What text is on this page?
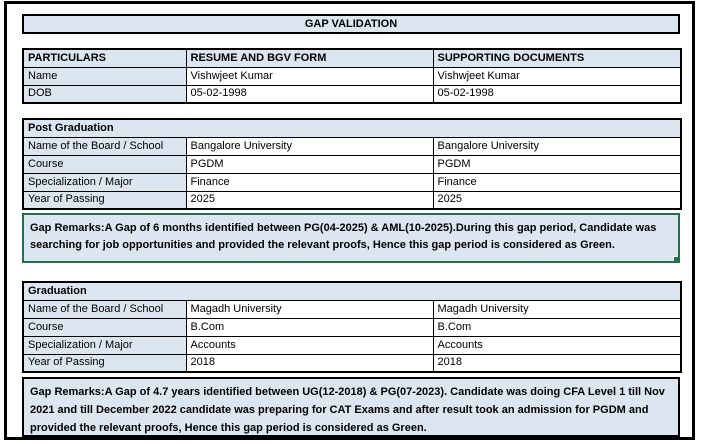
GAP VALIDATION
PARTICULARS	RESUME AND BGV FORM	SUPPORTING DOCUMENTS
Name	Vishwjeet Kumar	Vishwjeet Kumar
DOB	05-02-1998	05-02-1998
Post Graduation		
Name of the Board / School	Bangalore University	Bangalore University
Course	PGDM	PGDM
Specialization / Major	Finance	Finance
Year of Passing	2025	2025
Gap Remarks:A Gap of 6 months identified between PG(04-2025) & AML(10-2025).During this gap period, Candidate was searching for job opportunities and provided the relevant proofs, Hence this gap period is considered as Green.
Graduation		
Name of the Board / School	Magadh University	Magadh University
Course	B.Com	B.Com
Specialization / Major	Accounts	Accounts
Year of Passing	2018	2018
Gap Remarks:A Gap of 4.7 years identified between UG(12-2018) & PG(07-2023). Candidate was doing CFA Level 1 till Nov 2021 and till December 2022 candidate was preparing for CAT Exams and after result took an admission for PGDM and provided the relevant proofs, Hence this gap period is considered as Green.
